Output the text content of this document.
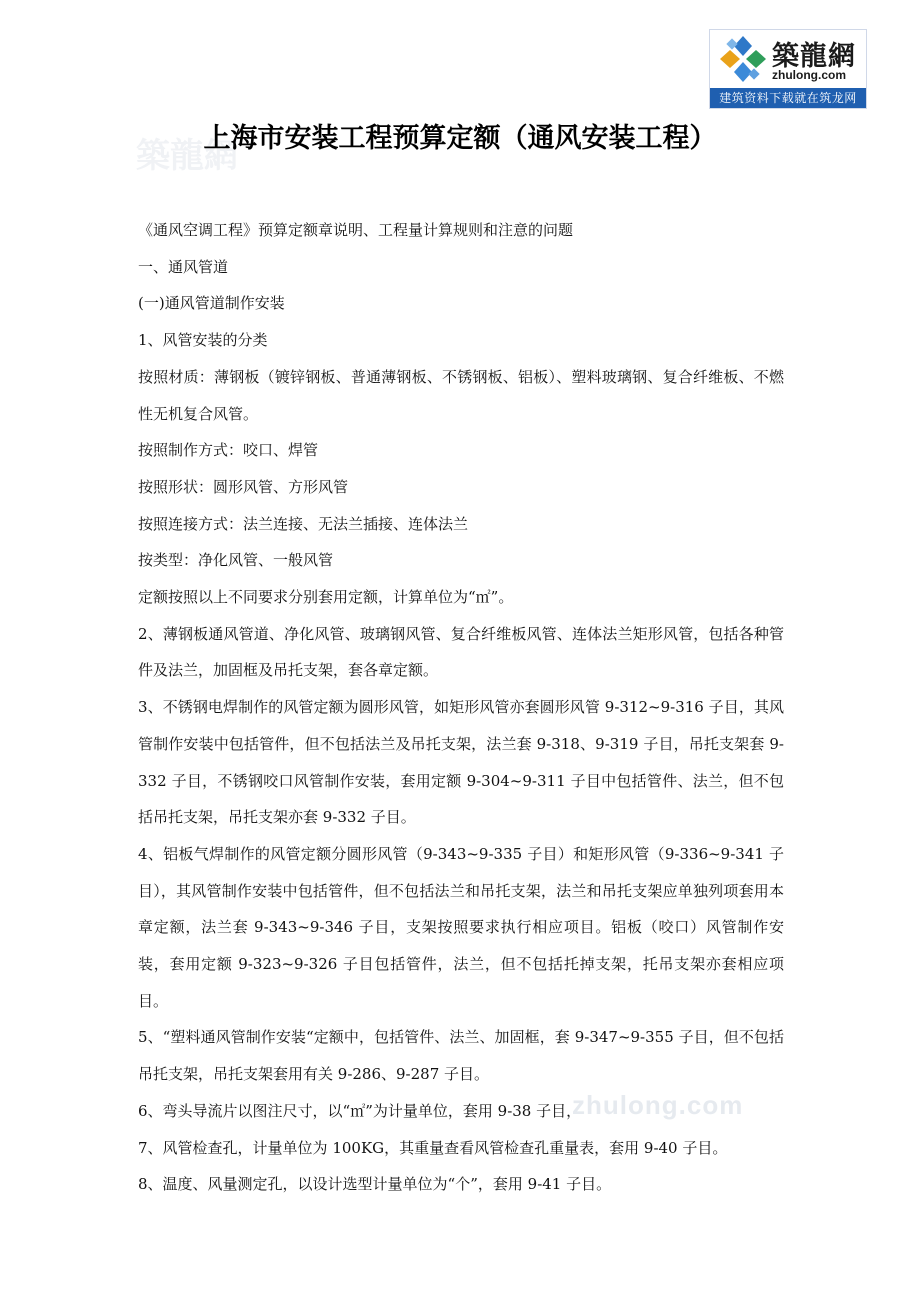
築龍網
zhulong.com
建筑资料下载就在筑龙网
築龍網
zhulong.com
上海市安装工程预算定额（通风安装工程）

《通风空调工程》预算定额章说明、工程量计算规则和注意的问题

一、通风管道

(一)通风管道制作安装

1、风管安装的分类

按照材质：薄钢板（镀锌钢板、普通薄钢板、不锈钢板、铝板）、塑料玻璃钢、复合纤维板、不燃性无机复合风管。

按照制作方式：咬口、焊管

按照形状：圆形风管、方形风管

按照连接方式：法兰连接、无法兰插接、连体法兰

按类型：净化风管、一般风管

定额按照以上不同要求分别套用定额，计算单位为“㎡”。

2、薄钢板通风管道、净化风管、玻璃钢风管、复合纤维板风管、连体法兰矩形风管，包括各种管件及法兰，加固框及吊托支架，套各章定额。

3、不锈钢电焊制作的风管定额为圆形风管，如矩形风管亦套圆形风管 9-312~9-316 子目，其风管制作安装中包括管件，但不包括法兰及吊托支架，法兰套 9-318、9-319 子目，吊托支架套 9-332 子目，不锈钢咬口风管制作安装，套用定额 9-304~9-311 子目中包括管件、法兰，但不包括吊托支架，吊托支架亦套 9-332 子目。

4、铝板气焊制作的风管定额分圆形风管（9-343~9-335 子目）和矩形风管（9-336~9-341 子目），其风管制作安装中包括管件，但不包括法兰和吊托支架，法兰和吊托支架应单独列项套用本章定额，法兰套 9-343~9-346 子目，支架按照要求执行相应项目。铝板（咬口）风管制作安装，套用定额 9-323~9-326 子目包括管件，法兰，但不包括托掉支架，托吊支架亦套相应项目。

5、“塑料通风管制作安装“定额中，包括管件、法兰、加固框，套 9-347~9-355 子目，但不包括吊托支架，吊托支架套用有关 9-286、9-287 子目。

6、弯头导流片以图注尺寸，以“㎡”为计量单位，套用 9-38 子目，

7、风管检查孔，计量单位为 100KG，其重量查看风管检查孔重量表，套用 9-40 子目。

8、温度、风量测定孔，以设计选型计量单位为“个”，套用 9-41 子目。
